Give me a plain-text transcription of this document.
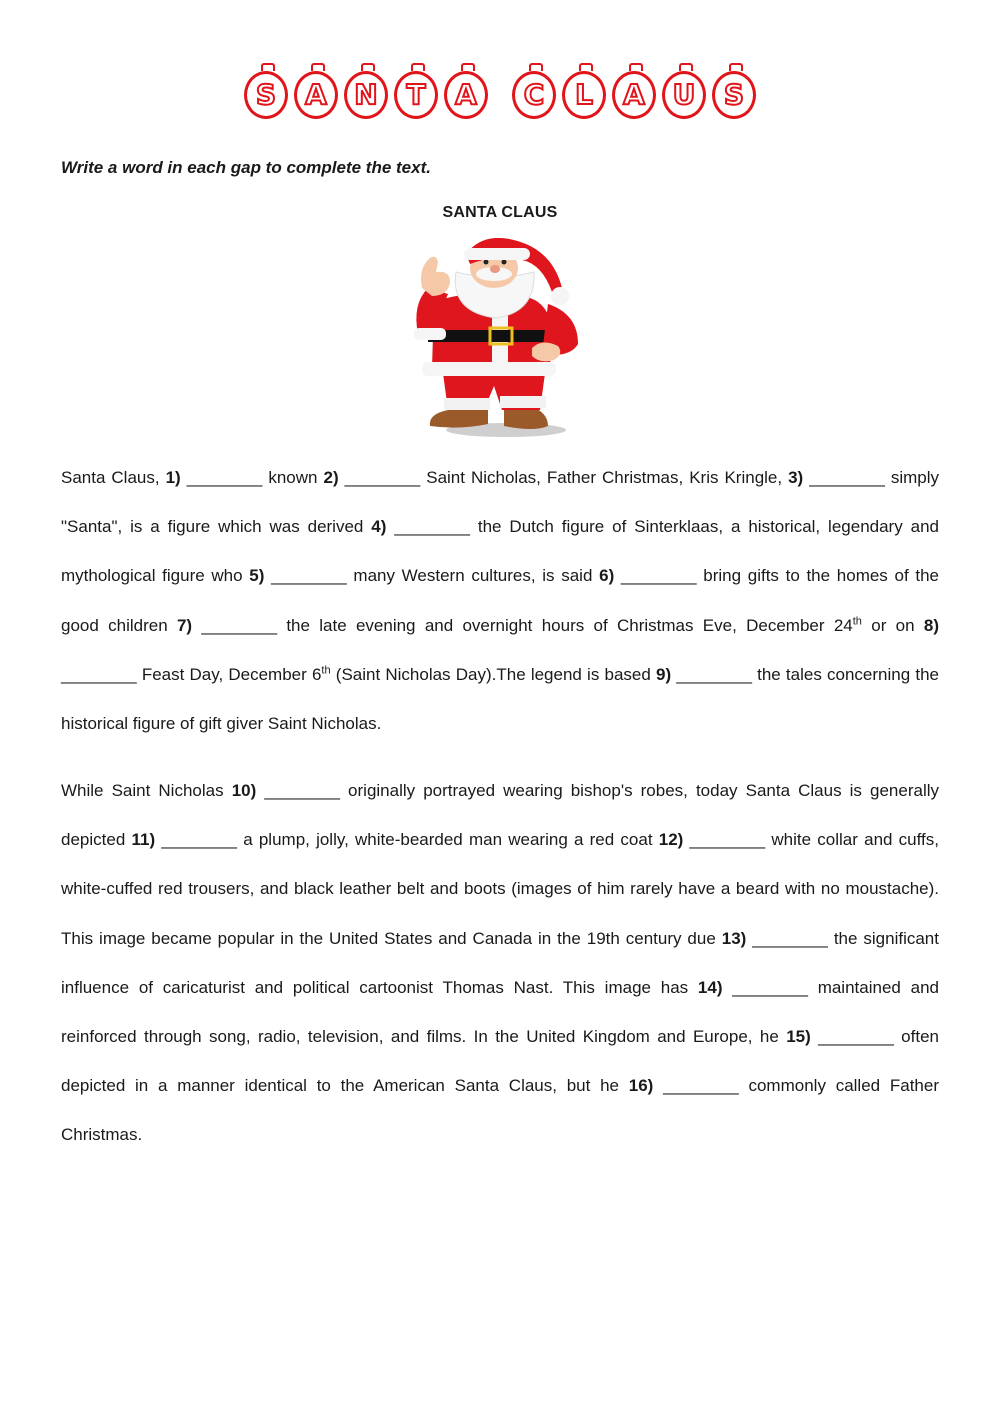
S A N T A C L A U S
Write a word in each gap to complete the text.
SANTA CLAUS
Santa Claus, 1) ________ known 2) ________ Saint Nicholas, Father Christmas, Kris Kringle, 3) ________ simply "Santa", is a figure which was derived 4) ________ the Dutch figure of Sinterklaas, a historical, legendary and mythological figure who 5) ________ many Western cultures, is said 6) ________ bring gifts to the homes of the good children 7) ________ the late evening and overnight hours of Christmas Eve, December 24th or on 8) ________ Feast Day, December 6th (Saint Nicholas Day).The legend is based 9) ________ the tales concerning the historical figure of gift giver Saint Nicholas.
While Saint Nicholas 10) ________ originally portrayed wearing bishop's robes, today Santa Claus is generally depicted 11) ________ a plump, jolly, white-bearded man wearing a red coat 12) ________ white collar and cuffs, white-cuffed red trousers, and black leather belt and boots (images of him rarely have a beard with no moustache). This image became popular in the United States and Canada in the 19th century due 13) ________ the significant influence of caricaturist and political cartoonist Thomas Nast. This image has 14) ________ maintained and reinforced through song, radio, television, and films. In the United Kingdom and Europe, he 15) ________ often depicted in a manner identical to the American Santa Claus, but he 16) ________ commonly called Father Christmas.
